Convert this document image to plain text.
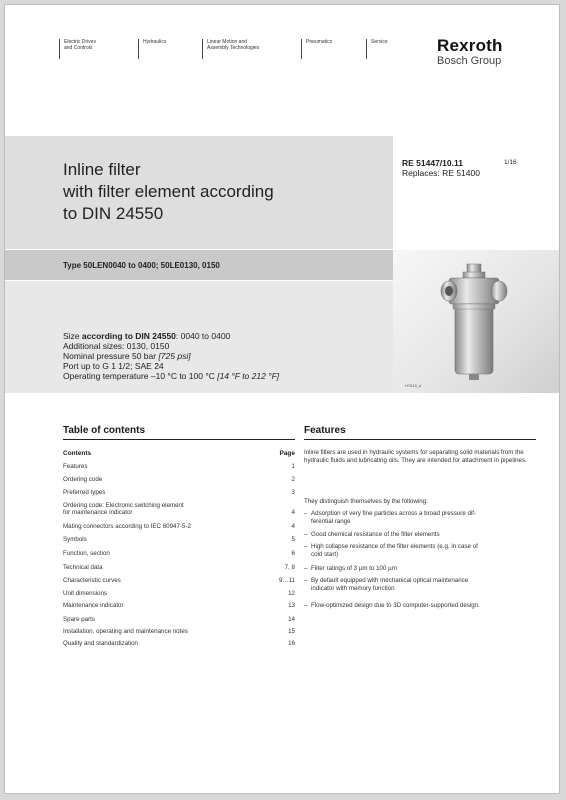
Electric Drives
and Controls
Hydraulics	Linear Motion and
Assembly Technologies
Pneumatics	Service	Rexroth
Bosch Group
Inline filter
with filter element according
to DIN 24550
RE 51447/10.11
Replaces: RE 51400
1/16
Type 50LEN0040 to 0400; 50LE0130, 0150
H7815_d
Size according to DIN 24550: 0040 to 0400
Additional sizes: 0130, 0150
Nominal pressure 50 bar [725 psi]
Port up to G 1 1/2; SAE 24
Operating temperature –10 °C to 100 °C [14 °F to 212 °F]
Table of contents
Contents	Page
Features	1
Ordering code	2
Preferred types	3
Ordering code: Electronic switching element
for maintenance indicator	4
Mating connectors according to IEC 60947-5-2	4
Symbols	5
Function, section	6
Technical data	7, 8
Characteristic curves	9…11
Unit dimensions	12
Maintenance indicator	13
Spare parts	14
Installation, operating and maintenance notes	15
Quality and standardization	16
Features
Inline filters are used in hydraulic systems for separating solid materials from the hydraulic fluids and lubricating oils. They are intended for attachment in pipelines.
They distinguish themselves by the following:
– Adsorption of very fine particles across a broad pressure dif-
ferential range
– Good chemical resistance of the filter elements
– High collapse resistance of the filter elements (e.g. in case of
cold start)
– Filter ratings of 3 µm to 100 µm
– By default equipped with mechanical optical maintenance
indicator with memory function
– Flow-optimized design due to 3D computer-supported design.
